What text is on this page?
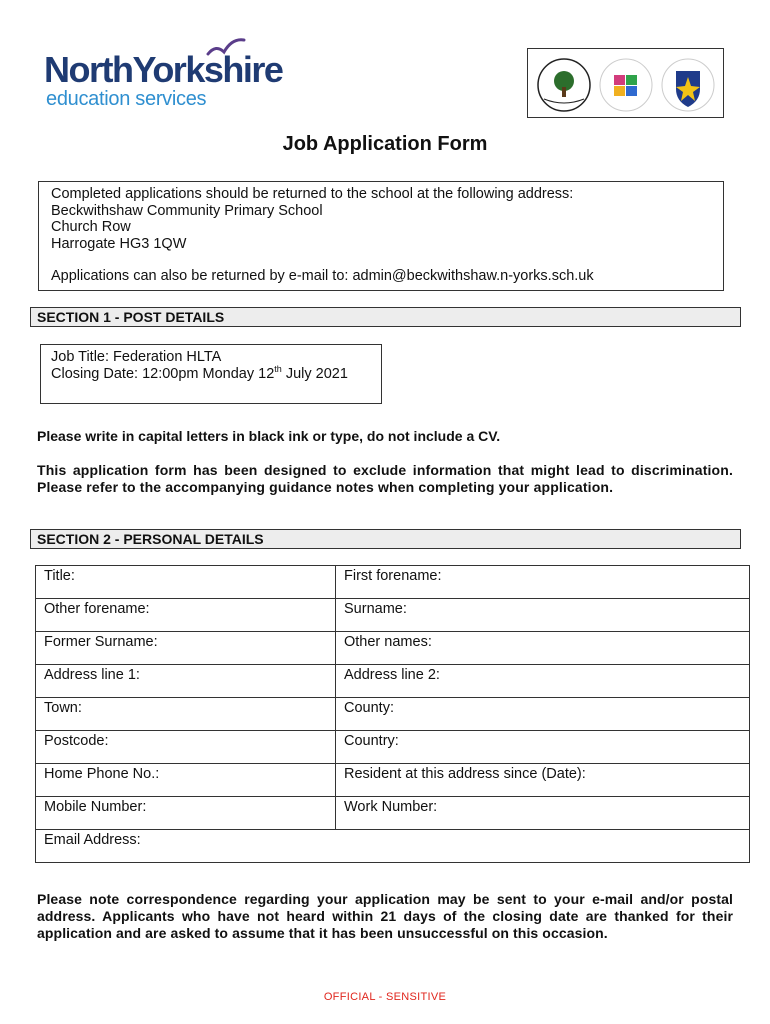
NorthYorkshire
education services
Job Application Form
Completed applications should be returned to the school at the following address:
Beckwithshaw Community Primary School
Church Row
Harrogate HG3 1QW
Applications can also be returned by e-mail to: admin@beckwithshaw.n-yorks.sch.uk
SECTION 1 - POST DETAILS
Job Title: Federation HLTA
Closing Date: 12:00pm Monday 12th July 2021
Please write in capital letters in black ink or type, do not include a CV.
This application form has been designed to exclude information that might lead to discrimination. Please refer to the accompanying guidance notes when completing your application.
SECTION 2 - PERSONAL DETAILS
Title:	First forename:
Other forename:	Surname:
Former Surname:	Other names:
Address line 1:	Address line 2:
Town:	County:
Postcode:	Country:
Home Phone No.:	Resident at this address since (Date):
Mobile Number:	Work Number:
Email Address:	
Please note correspondence regarding your application may be sent to your e-mail and/or postal address. Applicants who have not heard within 21 days of the closing date are thanked for their application and are asked to assume that it has been unsuccessful on this occasion.
OFFICIAL - SENSITIVE
